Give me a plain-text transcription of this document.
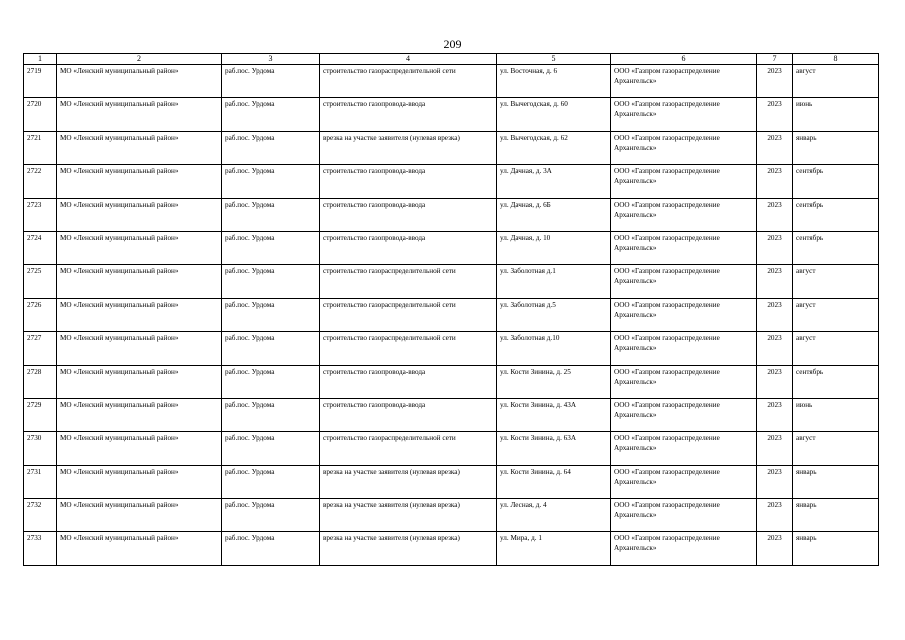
209
1	2	3	4	5	6	7	8
2719	МО «Ленский муниципальный район»	раб.пос. Урдома	строительство газораспределительной сети	ул. Восточная, д. 6	ООО «Газпром газораспределение Архангельск»	2023	август
2720	МО «Ленский муниципальный район»	раб.пос. Урдома	строительство газопровода-ввода	ул. Вычегодская, д. 60	ООО «Газпром газораспределение Архангельск»	2023	июнь
2721	МО «Ленский муниципальный район»	раб.пос. Урдома	врезка на участке заявителя (нулевая врезка)	ул. Вычегодская, д. 62	ООО «Газпром газораспределение Архангельск»	2023	январь
2722	МО «Ленский муниципальный район»	раб.пос. Урдома	строительство газопровода-ввода	ул. Дачная, д. 3А	ООО «Газпром газораспределение Архангельск»	2023	сентябрь
2723	МО «Ленский муниципальный район»	раб.пос. Урдома	строительство газопровода-ввода	ул. Дачная, д. 6Б	ООО «Газпром газораспределение Архангельск»	2023	сентябрь
2724	МО «Ленский муниципальный район»	раб.пос. Урдома	строительство газопровода-ввода	ул. Дачная, д. 10	ООО «Газпром газораспределение Архангельск»	2023	сентябрь
2725	МО «Ленский муниципальный район»	раб.пос. Урдома	строительство газораспределительной сети	ул. Заболотная д.1	ООО «Газпром газораспределение Архангельск»	2023	август
2726	МО «Ленский муниципальный район»	раб.пос. Урдома	строительство газораспределительной сети	ул. Заболотная д.5	ООО «Газпром газораспределение Архангельск»	2023	август
2727	МО «Ленский муниципальный район»	раб.пос. Урдома	строительство газораспределительной сети	ул. Заболотная д.10	ООО «Газпром газораспределение Архангельск»	2023	август
2728	МО «Ленский муниципальный район»	раб.пос. Урдома	строительство газопровода-ввода	ул. Кости Зинина, д. 25	ООО «Газпром газораспределение Архангельск»	2023	сентябрь
2729	МО «Ленский муниципальный район»	раб.пос. Урдома	строительство газопровода-ввода	ул. Кости Зинина, д. 43А	ООО «Газпром газораспределение Архангельск»	2023	июнь
2730	МО «Ленский муниципальный район»	раб.пос. Урдома	строительство газораспределительной сети	ул. Кости Зинина, д. 63А	ООО «Газпром газораспределение Архангельск»	2023	август
2731	МО «Ленский муниципальный район»	раб.пос. Урдома	врезка на участке заявителя (нулевая врезка)	ул. Кости Зинина, д. 64	ООО «Газпром газораспределение Архангельск»	2023	январь
2732	МО «Ленский муниципальный район»	раб.пос. Урдома	врезка на участке заявителя (нулевая врезка)	ул. Лесная, д. 4	ООО «Газпром газораспределение Архангельск»	2023	январь
2733	МО «Ленский муниципальный район»	раб.пос. Урдома	врезка на участке заявителя (нулевая врезка)	ул. Мира, д. 1	ООО «Газпром газораспределение Архангельск»	2023	январь
